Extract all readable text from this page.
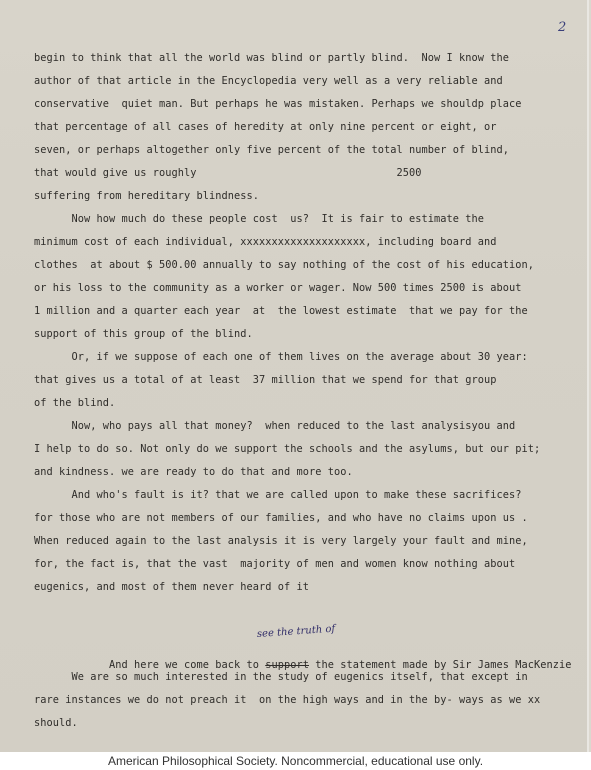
2
begin to think that all the world was blind or partly blind.  Now I know the
author of that article in the Encyclopedia very well as a very reliable and
conservative  quiet man. But perhaps he was mistaken. Perhaps we shouldp place
that percentage of all cases of heredity at only nine percent or eight, or
seven, or perhaps altogether only five percent of the total number of blind,
that would give us roughly                                2500
suffering from hereditary blindness.
Now how much do these people cost  us?  It is fair to estimate the
minimum cost of each individual, xxxxxxxxxxxxxxxxxxxx, including board and
clothes  at about $ 500.00 annually to say nothing of the cost of his education,
or his loss to the community as a worker or wager. Now 500 times 2500 is about
1 million and a quarter each year  at  the lowest estimate  that we pay for the
support of this group of the blind.
Or, if we suppose of each one of them lives on the average about 30 year:
that gives us a total of at least  37 million that we spend for that group
of the blind.
Now, who pays all that money?  when reduced to the last analysisyou and
I help to do so. Not only do we support the schools and the asylums, but our pit;
and kindness. we are ready to do that and more too.
And who's fault is it? that we are called upon to make these sacrifices?
for those who are not members of our families, and who have no claims upon us .
When reduced again to the last analysis it is very largely your fault and mine,
for, the fact is, that the vast  majority of men and women know nothing about
eugenics, and most of them never heard of it
see the truth of

And here we come back to support the statement made by Sir James MacKenzie

We are so much interested in the study of eugenics itself, that except in
rare instances we do not preach it  on the high ways and in the by- ways as we xx
should.
American Philosophical Society. Noncommercial, educational use only.
